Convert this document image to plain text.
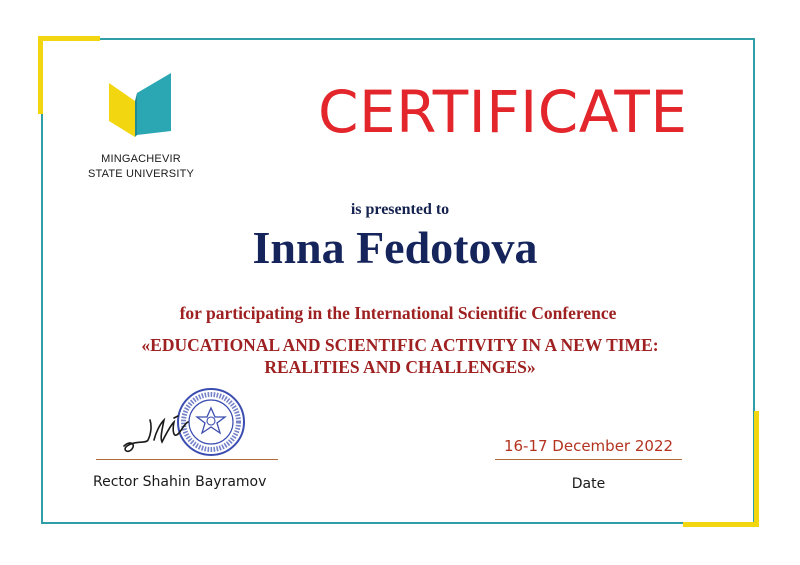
MINGACHEVIR
STATE UNIVERSITY
CERTIFICATE
is presented to
Inna Fedotova
for participating in the International Scientific Conference
«EDUCATIONAL AND SCIENTIFIC ACTIVITY IN A NEW TIME:
REALITIES AND CHALLENGES»
Rector Shahin Bayramov
16-17 December 2022
Date
